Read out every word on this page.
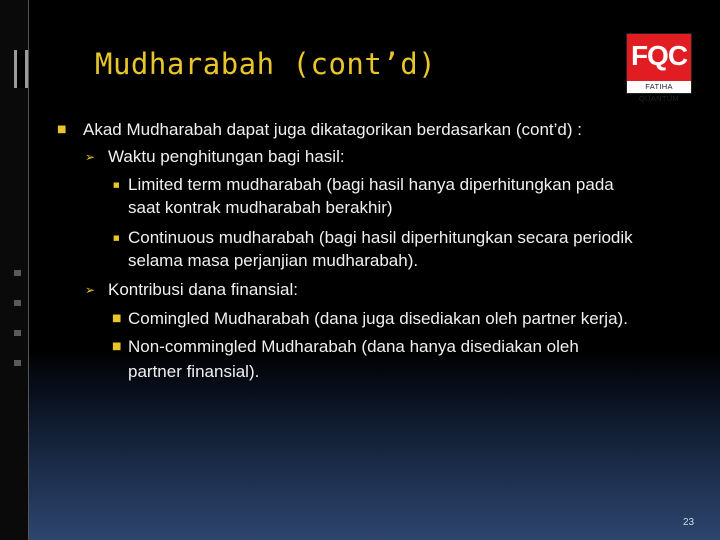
Mudharabah (cont’d)	FQC
FATIHA QUANTUM
■ Akad Mudharabah dapat juga dikatagorikan berdasarkan (cont’d) :
➢ Waktu penghitungan bagi hasil:
■ Limited term mudharabah (bagi hasil hanya diperhitungkan pada
saat kontrak mudharabah berakhir)
■ Continuous mudharabah (bagi hasil diperhitungkan secara periodik
selama masa perjanjian mudharabah).
➢ Kontribusi dana finansial:
■ Comingled Mudharabah (dana juga disediakan oleh partner kerja).
■ Non-commingled Mudharabah (dana hanya disediakan oleh
partner finansial).
23
